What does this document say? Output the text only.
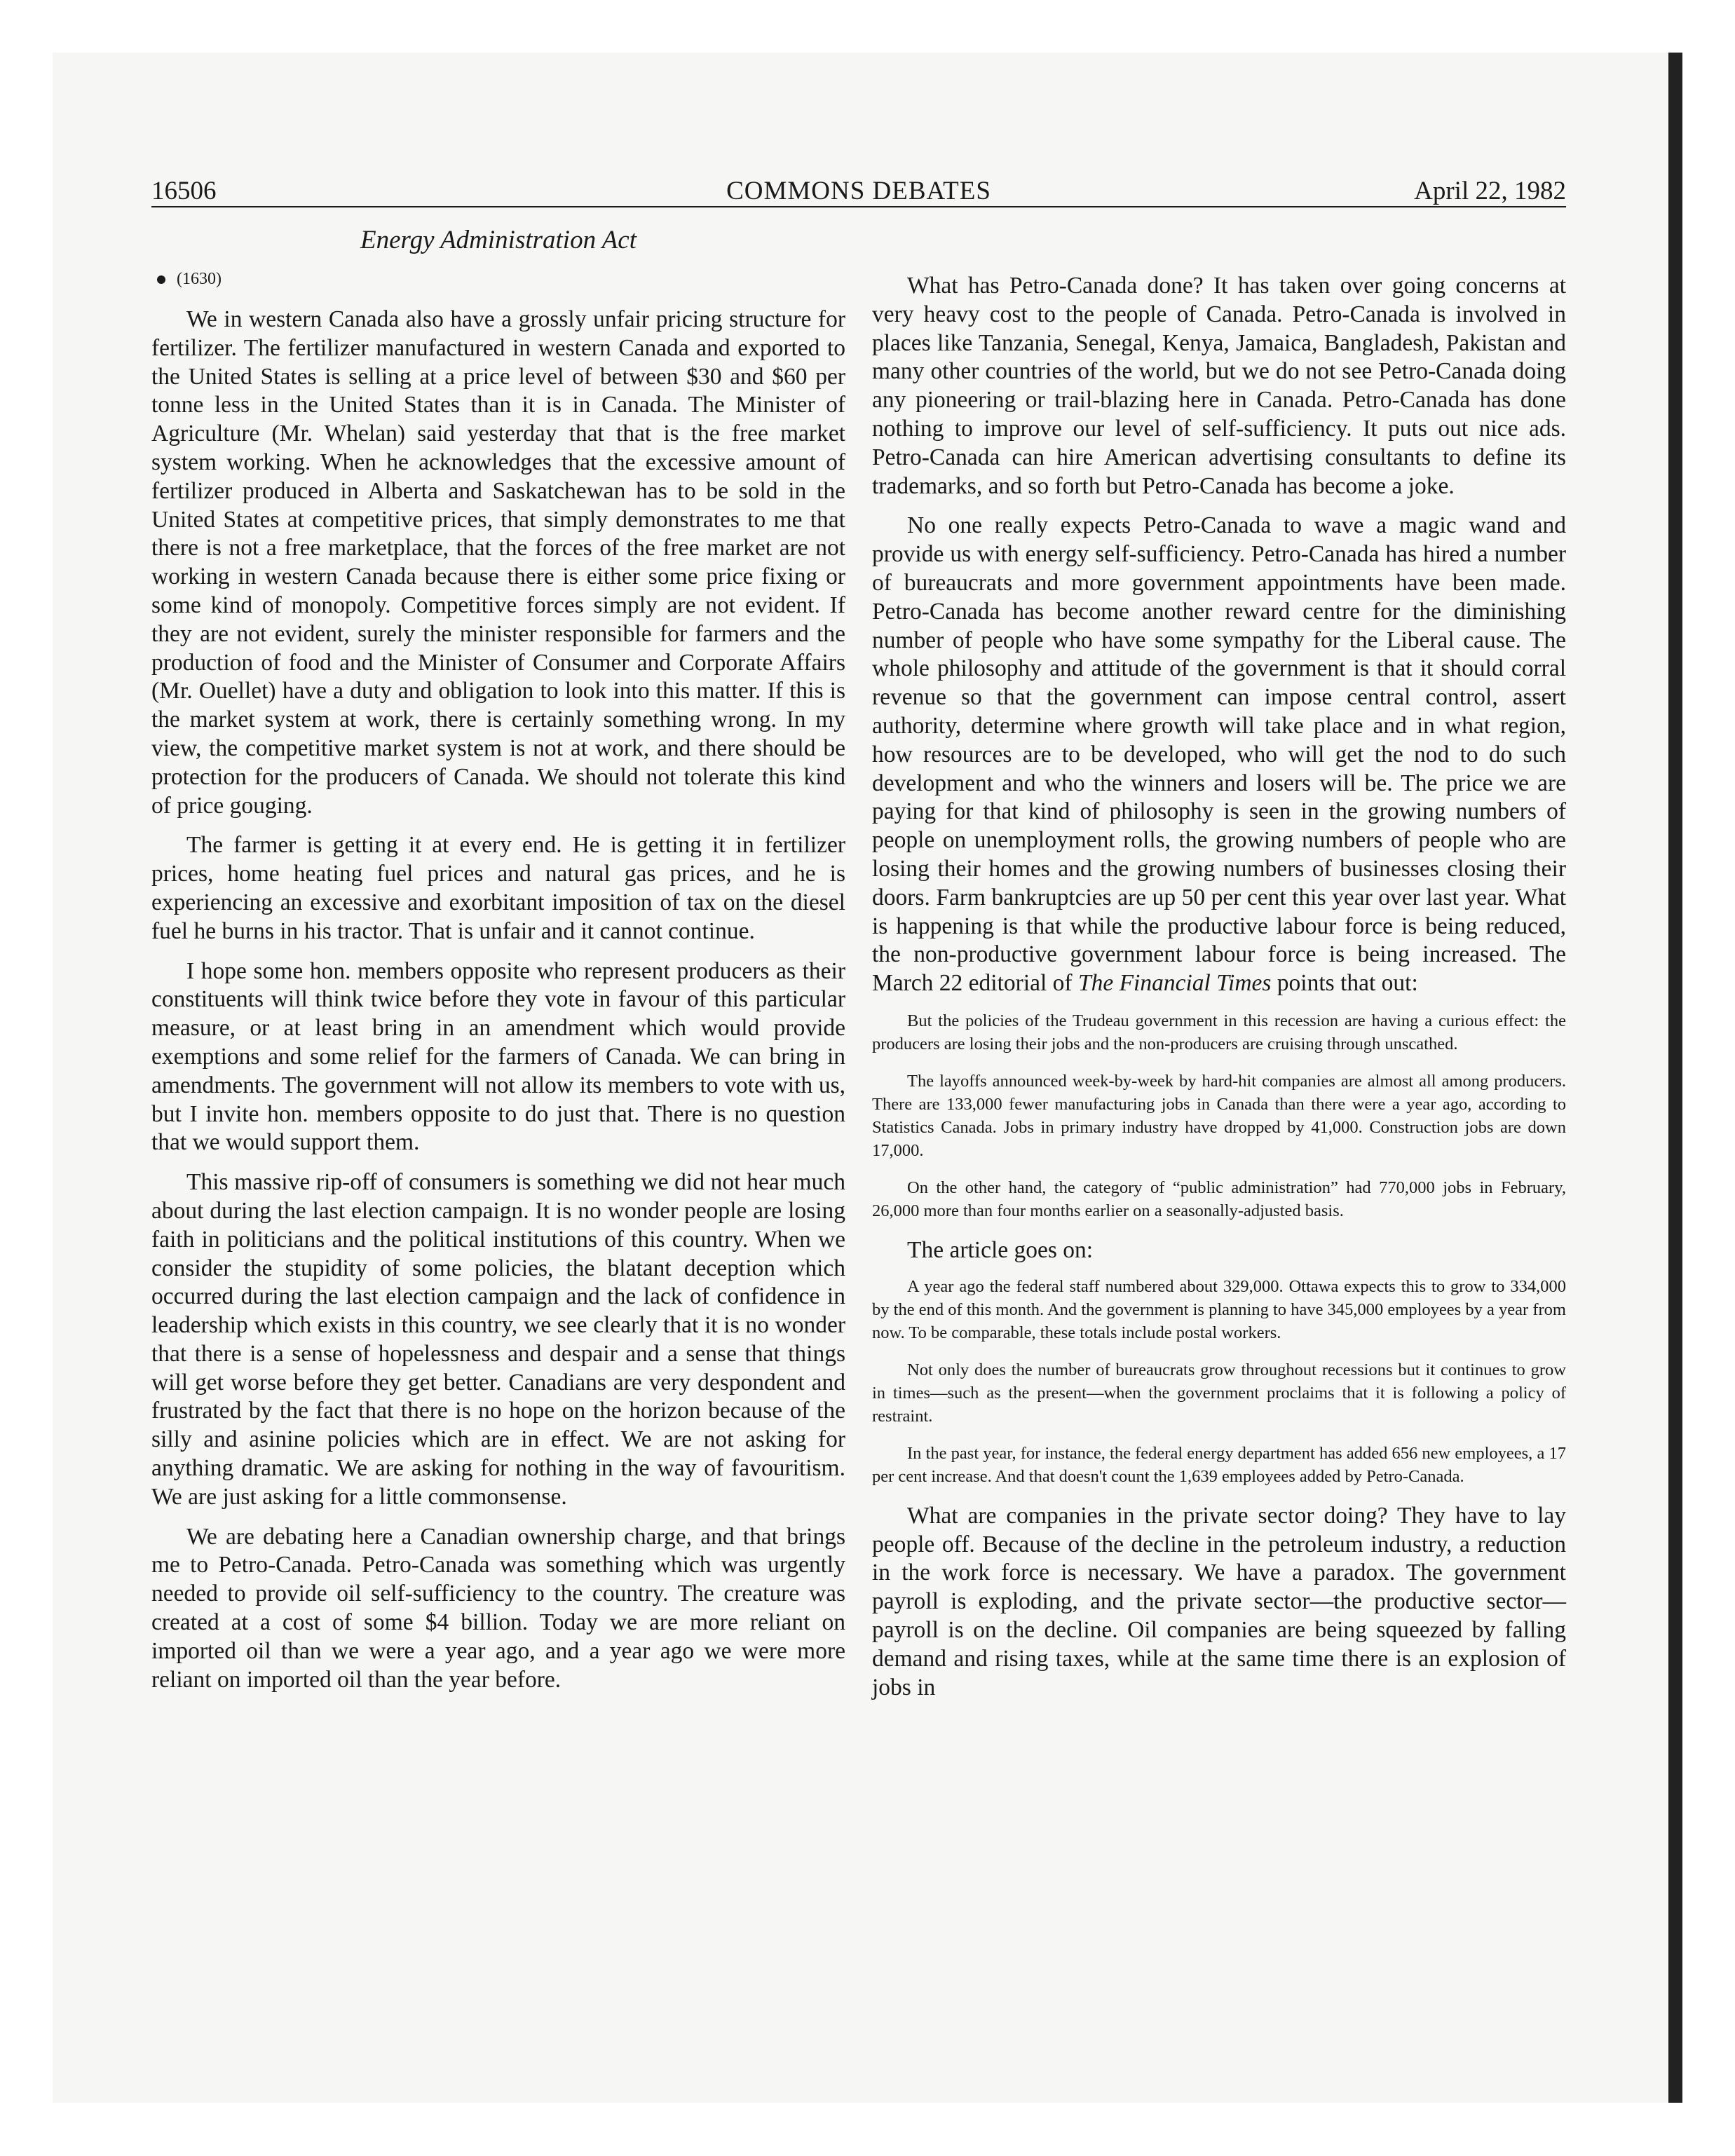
16506	COMMONS DEBATES	April 22, 1982
Energy Administration Act
(1630)

We in western Canada also have a grossly unfair pricing structure for fertilizer. The fertilizer manufactured in western Canada and exported to the United States is selling at a price level of between $30 and $60 per tonne less in the United States than it is in Canada. The Minister of Agriculture (Mr. Whelan) said yesterday that that is the free market system working. When he acknowledges that the excessive amount of fertilizer produced in Alberta and Saskatchewan has to be sold in the United States at competitive prices, that simply demonstrates to me that there is not a free marketplace, that the forces of the free market are not working in western Canada because there is either some price fixing or some kind of monopoly. Competitive forces simply are not evident. If they are not evident, surely the minister responsible for farmers and the production of food and the Minister of Consumer and Corporate Affairs (Mr. Ouellet) have a duty and obligation to look into this matter. If this is the market system at work, there is certainly something wrong. In my view, the competitive market system is not at work, and there should be protection for the producers of Canada. We should not tolerate this kind of price gouging.

The farmer is getting it at every end. He is getting it in fertilizer prices, home heating fuel prices and natural gas prices, and he is experiencing an excessive and exorbitant imposition of tax on the diesel fuel he burns in his tractor. That is unfair and it cannot continue.

I hope some hon. members opposite who represent producers as their constituents will think twice before they vote in favour of this particular measure, or at least bring in an amendment which would provide exemptions and some relief for the farmers of Canada. We can bring in amendments. The government will not allow its members to vote with us, but I invite hon. members opposite to do just that. There is no question that we would support them.

This massive rip-off of consumers is something we did not hear much about during the last election campaign. It is no wonder people are losing faith in politicians and the political institutions of this country. When we consider the stupidity of some policies, the blatant deception which occurred during the last election campaign and the lack of confidence in leadership which exists in this country, we see clearly that it is no wonder that there is a sense of hopelessness and despair and a sense that things will get worse before they get better. Canadians are very despondent and frustrated by the fact that there is no hope on the horizon because of the silly and asinine policies which are in effect. We are not asking for anything dramatic. We are asking for nothing in the way of favouritism. We are just asking for a little commonsense.

We are debating here a Canadian ownership charge, and that brings me to Petro-Canada. Petro-Canada was something which was urgently needed to provide oil self-sufficiency to the country. The creature was created at a cost of some $4 billion. Today we are more reliant on imported oil than we were a year ago, and a year ago we were more reliant on imported oil than the year before.

What has Petro-Canada done? It has taken over going concerns at very heavy cost to the people of Canada. Petro-Canada is involved in places like Tanzania, Senegal, Kenya, Jamaica, Bangladesh, Pakistan and many other countries of the world, but we do not see Petro-Canada doing any pioneering or trail-blazing here in Canada. Petro-Canada has done nothing to improve our level of self-sufficiency. It puts out nice ads. Petro-Canada can hire American advertising consultants to define its trademarks, and so forth but Petro-Canada has become a joke.

No one really expects Petro-Canada to wave a magic wand and provide us with energy self-sufficiency. Petro-Canada has hired a number of bureaucrats and more government appointments have been made. Petro-Canada has become another reward centre for the diminishing number of people who have some sympathy for the Liberal cause. The whole philosophy and attitude of the government is that it should corral revenue so that the government can impose central control, assert authority, determine where growth will take place and in what region, how resources are to be developed, who will get the nod to do such development and who the winners and losers will be. The price we are paying for that kind of philosophy is seen in the growing numbers of people on unemployment rolls, the growing numbers of people who are losing their homes and the growing numbers of businesses closing their doors. Farm bankruptcies are up 50 per cent this year over last year. What is happening is that while the productive labour force is being reduced, the non-productive government labour force is being increased. The March 22 editorial of The Financial Times points that out:

But the policies of the Trudeau government in this recession are having a curious effect: the producers are losing their jobs and the non-producers are cruising through unscathed.
The layoffs announced week-by-week by hard-hit companies are almost all among producers. There are 133,000 fewer manufacturing jobs in Canada than there were a year ago, according to Statistics Canada. Jobs in primary industry have dropped by 41,000. Construction jobs are down 17,000.
On the other hand, the category of “public administration” had 770,000 jobs in February, 26,000 more than four months earlier on a seasonally-adjusted basis.

The article goes on:

A year ago the federal staff numbered about 329,000. Ottawa expects this to grow to 334,000 by the end of this month. And the government is planning to have 345,000 employees by a year from now. To be comparable, these totals include postal workers.
Not only does the number of bureaucrats grow throughout recessions but it continues to grow in times—such as the present—when the government proclaims that it is following a policy of restraint.
In the past year, for instance, the federal energy department has added 656 new employees, a 17 per cent increase. And that doesn't count the 1,639 employees added by Petro-Canada.

What are companies in the private sector doing? They have to lay people off. Because of the decline in the petroleum industry, a reduction in the work force is necessary. We have a paradox. The government payroll is exploding, and the private sector—the productive sector—payroll is on the decline. Oil companies are being squeezed by falling demand and rising taxes, while at the same time there is an explosion of jobs in
